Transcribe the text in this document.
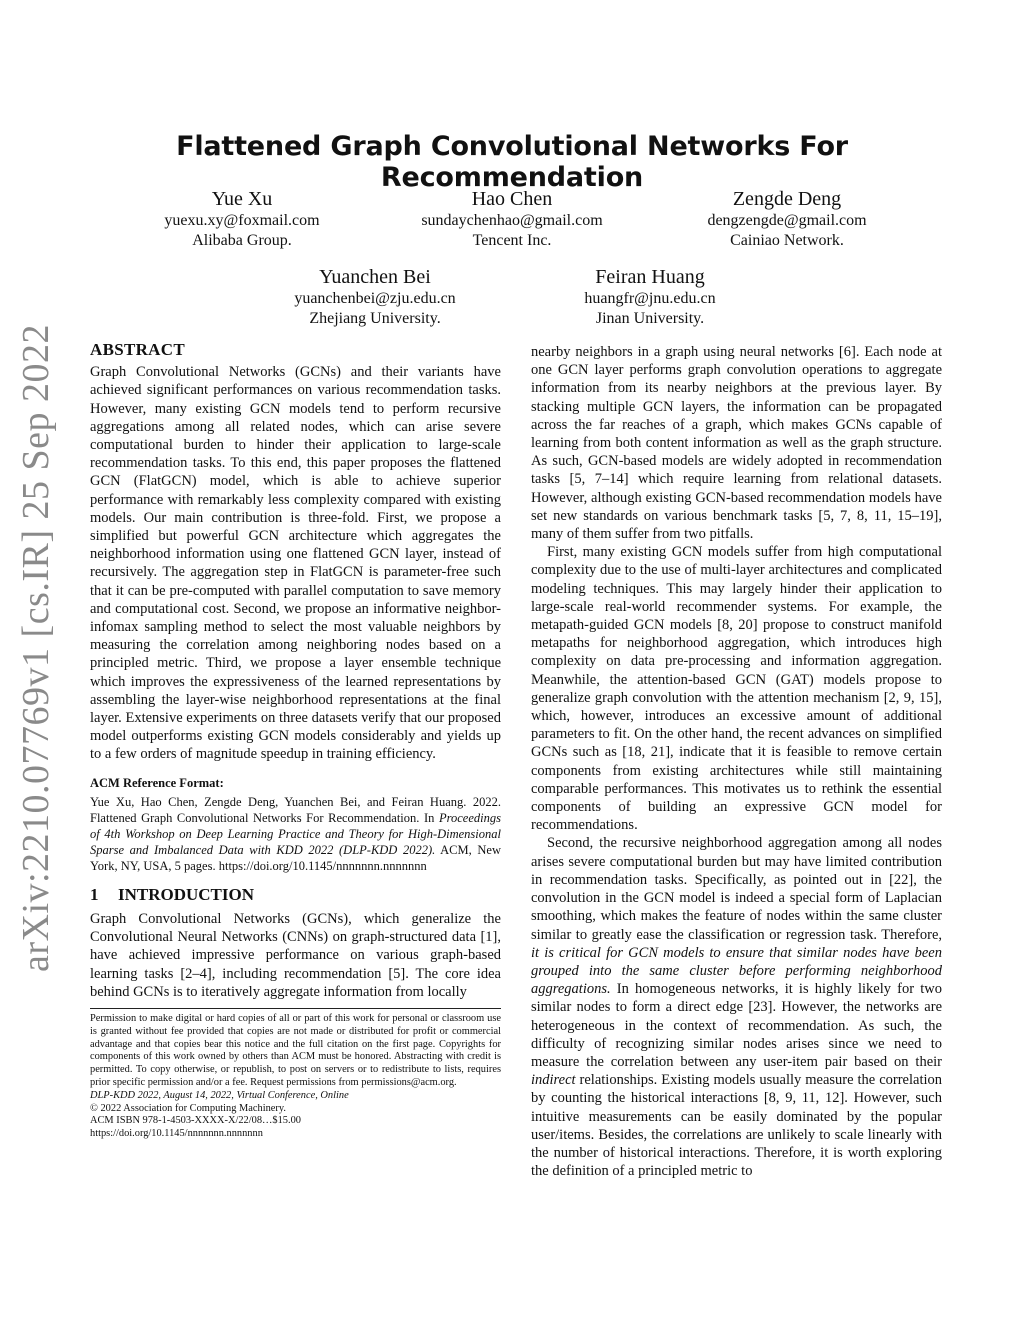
arXiv:2210.07769v1 [cs.IR] 25 Sep 2022
Flattened Graph Convolutional Networks For Recommendation
Yue Xu
yuexu.xy@foxmail.com
Alibaba Group.
Hao Chen
sundaychenhao@gmail.com
Tencent Inc.
Zengde Deng
dengzengde@gmail.com
Cainiao Network.
Yuanchen Bei
yuanchenbei@zju.edu.cn
Zhejiang University.
Feiran Huang
huangfr@jnu.edu.cn
Jinan University.

ABSTRACT

Graph Convolutional Networks (GCNs) and their variants have achieved significant performances on various recommendation tasks. However, many existing GCN models tend to perform recursive aggregations among all related nodes, which can arise severe computational burden to hinder their application to large-scale recommendation tasks. To this end, this paper proposes the flattened GCN (FlatGCN) model, which is able to achieve superior performance with remarkably less complexity compared with existing models. Our main contribution is three-fold. First, we propose a simplified but powerful GCN architecture which aggregates the neighborhood information using one flattened GCN layer, instead of recursively. The aggregation step in FlatGCN is parameter-free such that it can be pre-computed with parallel computation to save memory and computational cost. Second, we propose an informative neighbor-infomax sampling method to select the most valuable neighbors by measuring the correlation among neighboring nodes based on a principled metric. Third, we propose a layer ensemble technique which improves the expressiveness of the learned representations by assembling the layer-wise neighborhood representations at the final layer. Extensive experiments on three datasets verify that our proposed model outperforms existing GCN models considerably and yields up to a few orders of magnitude speedup in training efficiency.

ACM Reference Format:

Yue Xu, Hao Chen, Zengde Deng, Yuanchen Bei, and Feiran Huang. 2022. Flattened Graph Convolutional Networks For Recommendation. In Proceedings of 4th Workshop on Deep Learning Practice and Theory for High-Dimensional Sparse and Imbalanced Data with KDD 2022 (DLP-KDD 2022). ACM, New York, NY, USA, 5 pages. https://doi.org/10.1145/nnnnnnn.nnnnnnn

1 INTRODUCTION

Graph Convolutional Networks (GCNs), which generalize the Convolutional Neural Networks (CNNs) on graph-structured data [1], have achieved impressive performance on various graph-based learning tasks [2–4], including recommendation [5]. The core idea behind GCNs is to iteratively aggregate information from locally

Permission to make digital or hard copies of all or part of this work for personal or classroom use is granted without fee provided that copies are not made or distributed for profit or commercial advantage and that copies bear this notice and the full citation on the first page. Copyrights for components of this work owned by others than ACM must be honored. Abstracting with credit is permitted. To copy otherwise, or republish, to post on servers or to redistribute to lists, requires prior specific permission and/or a fee. Request permissions from permissions@acm.org.

DLP-KDD 2022, August 14, 2022, Virtual Conference, Online
© 2022 Association for Computing Machinery.
ACM ISBN 978-1-4503-XXXX-X/22/08…$15.00
https://doi.org/10.1145/nnnnnnn.nnnnnnn

nearby neighbors in a graph using neural networks [6]. Each node at one GCN layer performs graph convolution operations to aggregate information from its nearby neighbors at the previous layer. By stacking multiple GCN layers, the information can be propagated across the far reaches of a graph, which makes GCNs capable of learning from both content information as well as the graph structure. As such, GCN-based models are widely adopted in recommendation tasks [5, 7–14] which require learning from relational datasets. However, although existing GCN-based recommendation models have set new standards on various benchmark tasks [5, 7, 8, 11, 15–19], many of them suffer from two pitfalls.

First, many existing GCN models suffer from high computational complexity due to the use of multi-layer architectures and complicated modeling techniques. This may largely hinder their application to large-scale real-world recommender systems. For example, the metapath-guided GCN models [8, 20] propose to construct manifold metapaths for neighborhood aggregation, which introduces high complexity on data pre-processing and information aggregation. Meanwhile, the attention-based GCN (GAT) models propose to generalize graph convolution with the attention mechanism [2, 9, 15], which, however, introduces an excessive amount of additional parameters to fit. On the other hand, the recent advances on simplified GCNs such as [18, 21], indicate that it is feasible to remove certain components from existing architectures while still maintaining comparable performances. This motivates us to rethink the essential components of building an expressive GCN model for recommendations.

Second, the recursive neighborhood aggregation among all nodes arises severe computational burden but may have limited contribution in recommendation tasks. Specifically, as pointed out in [22], the convolution in the GCN model is indeed a special form of Laplacian smoothing, which makes the feature of nodes within the same cluster similar to greatly ease the classification or regression task. Therefore, it is critical for GCN models to ensure that similar nodes have been grouped into the same cluster before performing neighborhood aggregations. In homogeneous networks, it is highly likely for two similar nodes to form a direct edge [23]. However, the networks are heterogeneous in the context of recommendation. As such, the difficulty of recognizing similar nodes arises since we need to measure the correlation between any user-item pair based on their indirect relationships. Existing models usually measure the correlation by counting the historical interactions [8, 9, 11, 12]. However, such intuitive measurements can be easily dominated by the popular user/items. Besides, the correlations are unlikely to scale linearly with the number of historical interactions. Therefore, it is worth exploring the definition of a principled metric to
